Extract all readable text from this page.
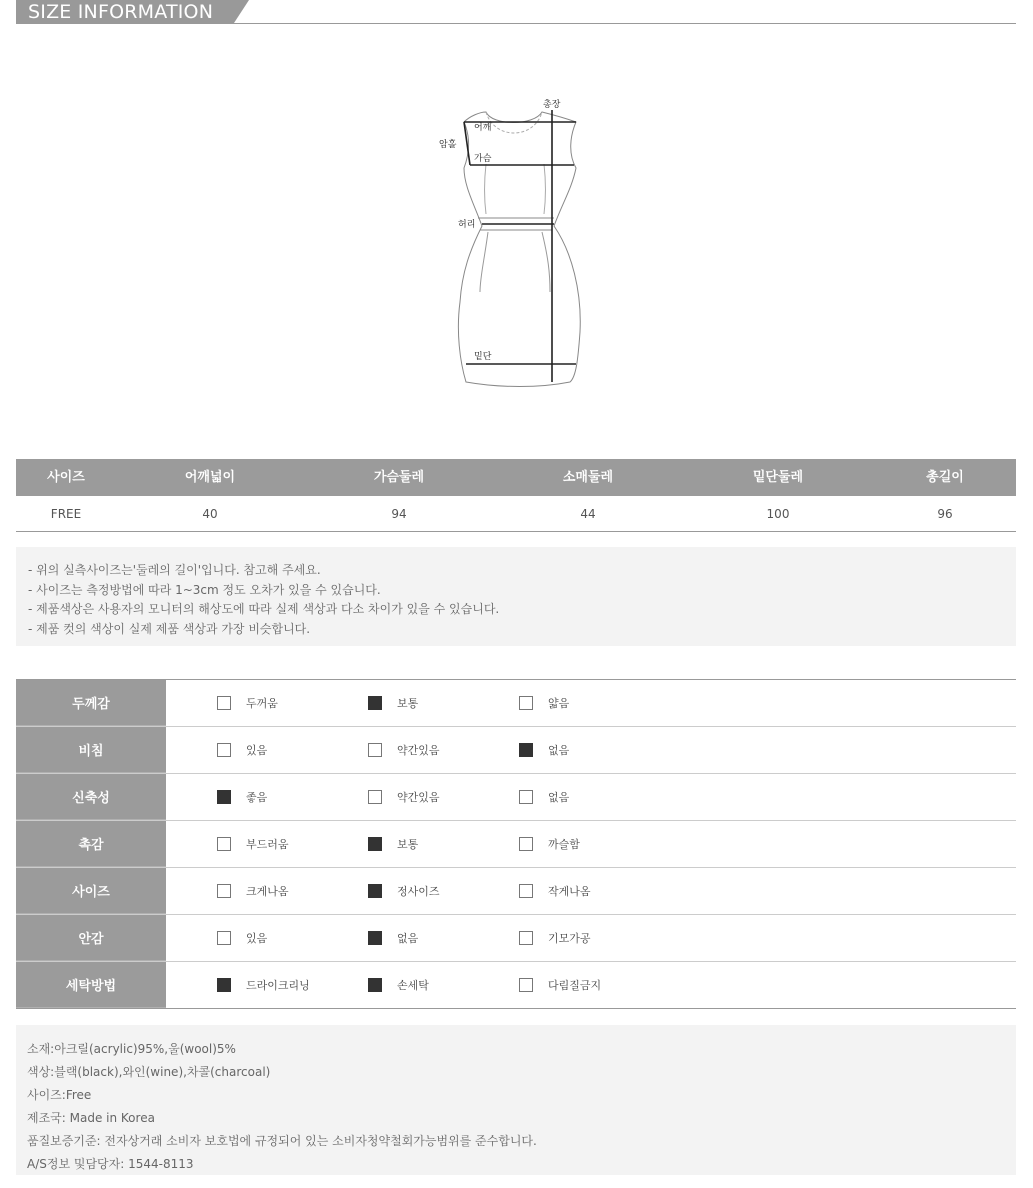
SIZE INFORMATION
총장
어깨
암홀
가슴
허리
밑단
사이즈	어깨넓이	가슴둘레	소매둘레	밑단둘레	총길이
FREE	40	94	44	100	96

- 위의 실측사이즈는'둘레의 길이'입니다. 참고해 주세요.

- 사이즈는 측정방법에 따라 1~3cm 정도 오차가 있을 수 있습니다.

- 제품색상은 사용자의 모니터의 해상도에 따라 실제 색상과 다소 차이가 있을 수 있습니다.

- 제품 컷의 색상이 실제 제품 색상과 가장 비슷합니다.

두께감	두꺼움	보통	얇음
비침	있음	약간있음	없음
신축성	좋음	약간있음	없음
촉감	부드러움	보통	까슬함
사이즈	크게나옴	정사이즈	작게나옴
안감	있음	없음	기모가공
세탁방법	드라이크리닝	손세탁	다림질금지

소재:아크릴(acrylic)95%,울(wool)5%

색상:블랙(black),와인(wine),차콜(charcoal)

사이즈:Free

제조국: Made in Korea

품질보증기준: 전자상거래 소비자 보호법에 규정되어 있는 소비자청약철회가능범위를 준수합니다.

A/S정보 및담당자: 1544-8113
